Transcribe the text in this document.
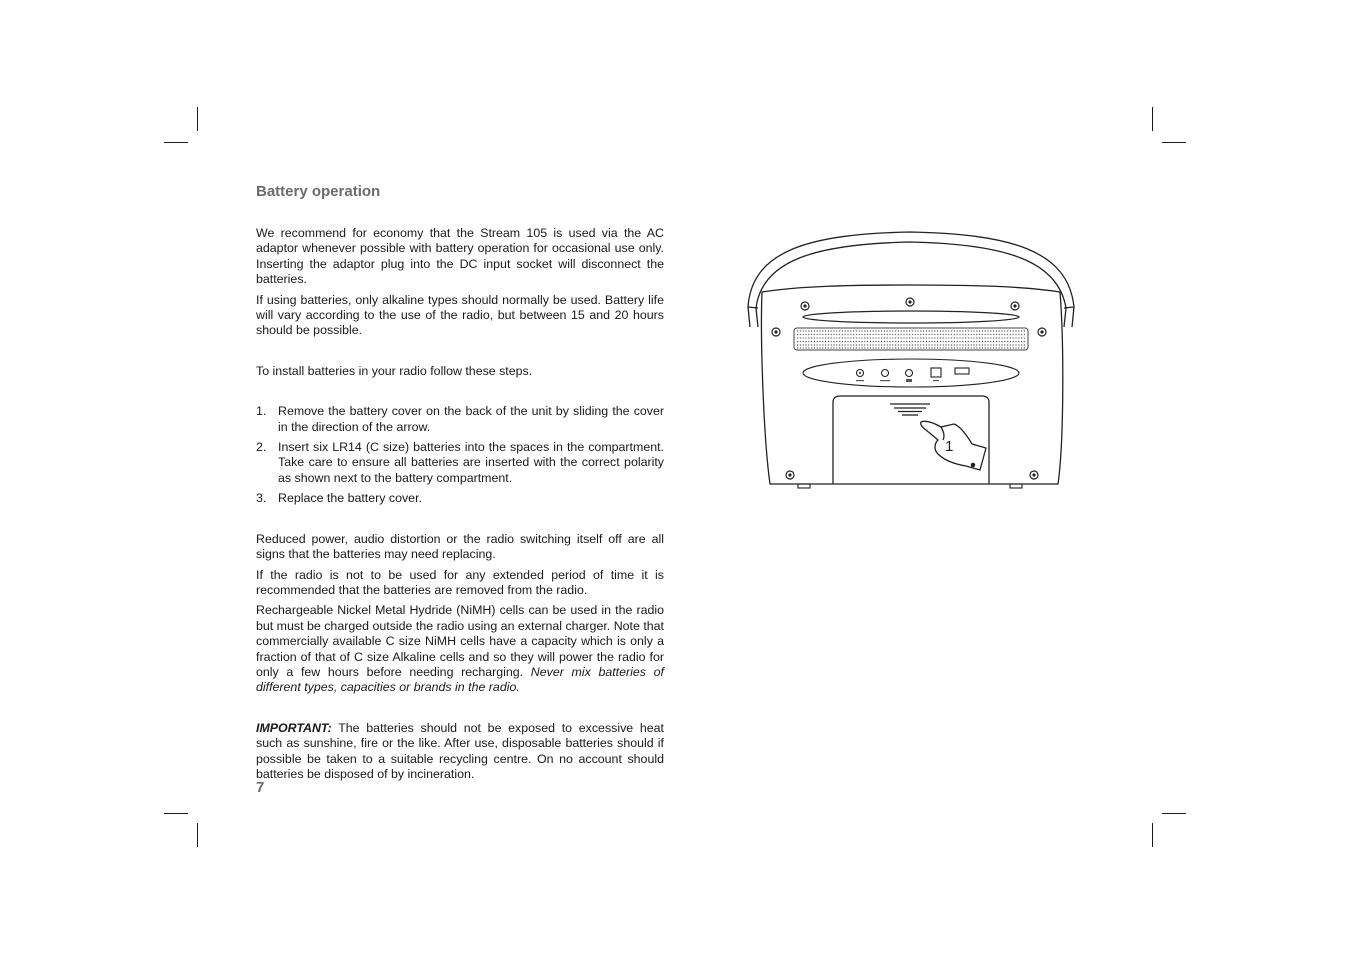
Battery operation

We recommend for economy that the Stream 105 is used via the AC adaptor whenever possible with battery operation for occasional use only. Inserting the adaptor plug into the DC input socket will disconnect the batteries.

If using batteries, only alkaline types should normally be used. Battery life will vary according to the use of the radio, but between 15 and 20 hours should be possible.

To install batteries in your radio follow these steps.

1. Remove the battery cover on the back of the unit by sliding the cover in the direction of the arrow.
2. Insert six LR14 (C size) batteries into the spaces in the compartment. Take care to ensure all batteries are inserted with the correct polarity as shown next to the battery compartment.
3. Replace the battery cover.

Reduced power, audio distortion or the radio switching itself off are all signs that the batteries may need replacing.

If the radio is not to be used for any extended period of time it is recommended that the batteries are removed from the radio.

Rechargeable Nickel Metal Hydride (NiMH) cells can be used in the radio but must be charged outside the radio using an external charger. Note that commercially available C size NiMH cells have a capacity which is only a fraction of that of C size Alkaline cells and so they will power the radio for only a few hours before needing recharging. Never mix batteries of different types, capacities or brands in the radio.

IMPORTANT: The batteries should not be exposed to excessive heat such as sunshine, fire or the like. After use, disposable batteries should if possible be taken to a suitable recycling centre. On no account should batteries be disposed of by incineration.

7
1
